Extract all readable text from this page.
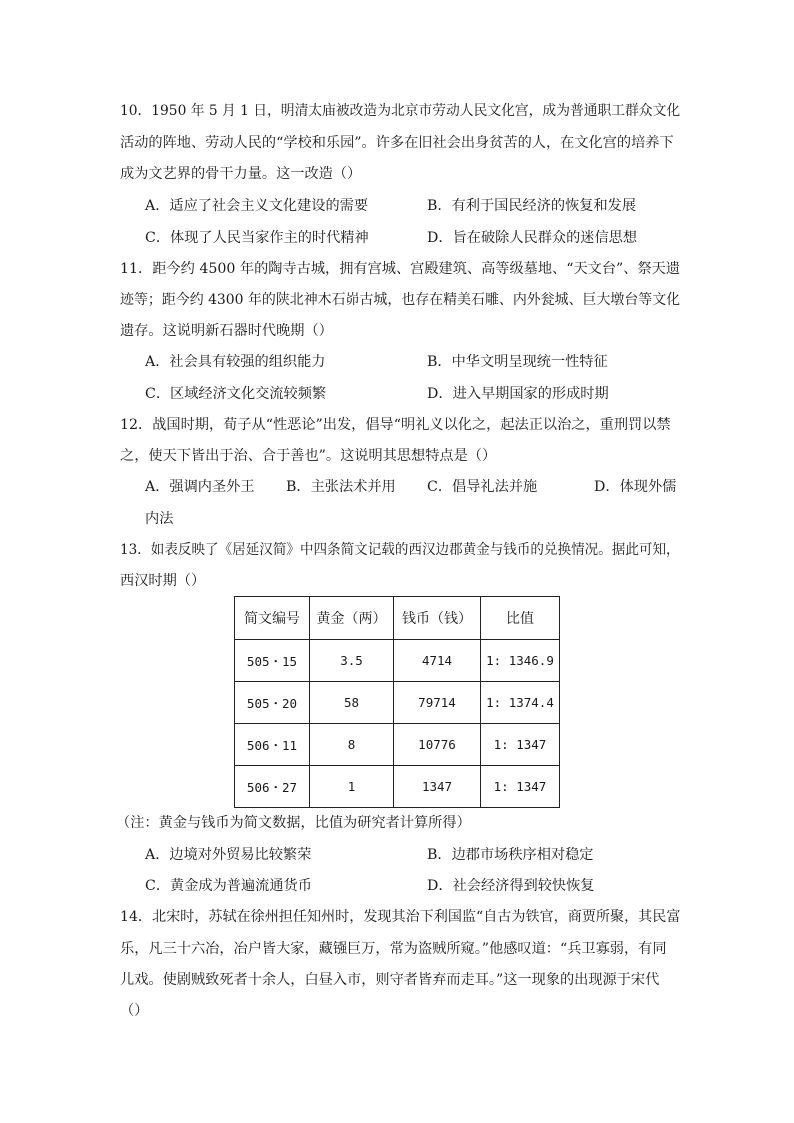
10．1950 年 5 月 1 日，明清太庙被改造为北京市劳动人民文化宫，成为普通职工群众文化
活动的阵地、劳动人民的“学校和乐园”。许多在旧社会出身贫苦的人，在文化宫的培养下
成为文艺界的骨干力量。这一改造（）
A．适应了社会主义文化建设的需要	B．有利于国民经济的恢复和发展
C．体现了人民当家作主的时代精神	D．旨在破除人民群众的迷信思想
11．距今约 4500 年的陶寺古城，拥有宫城、宫殿建筑、高等级墓地、“天文台”、祭天遗
迹等；距今约 4300 年的陕北神木石峁古城，也存在精美石雕、内外瓮城、巨大墩台等文化
遗存。这说明新石器时代晚期（）
A．社会具有较强的组织能力	B．中华文明呈现统一性特征
C．区域经济文化交流较频繁	D．进入早期国家的形成时期
12．战国时期，荀子从“性恶论”出发，倡导“明礼义以化之，起法正以治之，重刑罚以禁
之，使天下皆出于治、合于善也”。这说明其思想特点是（）
A．强调内圣外王 B．主张法术并用 C．倡导礼法并施	D．体现外儒
内法
13．如表反映了《居延汉简》中四条简文记载的西汉边郡黄金与钱币的兑换情况。据此可知，
西汉时期（）
简文编号	黄金（两）	钱币（钱）	比值
505・15	3.5	4714	1: 1346.9
505・20	58	79714	1: 1374.4
506・11	8	10776	1: 1347
506・27	1	1347	1: 1347
（注：黄金与钱币为简文数据，比值为研究者计算所得）
A．边境对外贸易比较繁荣	B．边郡市场秩序相对稳定
C．黄金成为普遍流通货币	D．社会经济得到较快恢复
14．北宋时，苏轼在徐州担任知州时，发现其治下利国监“自古为铁官，商贾所聚，其民富
乐，凡三十六冶，冶户皆大家，藏镪巨万，常为盗贼所窥。”他感叹道：“兵卫寡弱，有同
儿戏。使剧贼致死者十余人，白昼入市，则守者皆弃而走耳。”这一现象的出现源于宋代
（）
